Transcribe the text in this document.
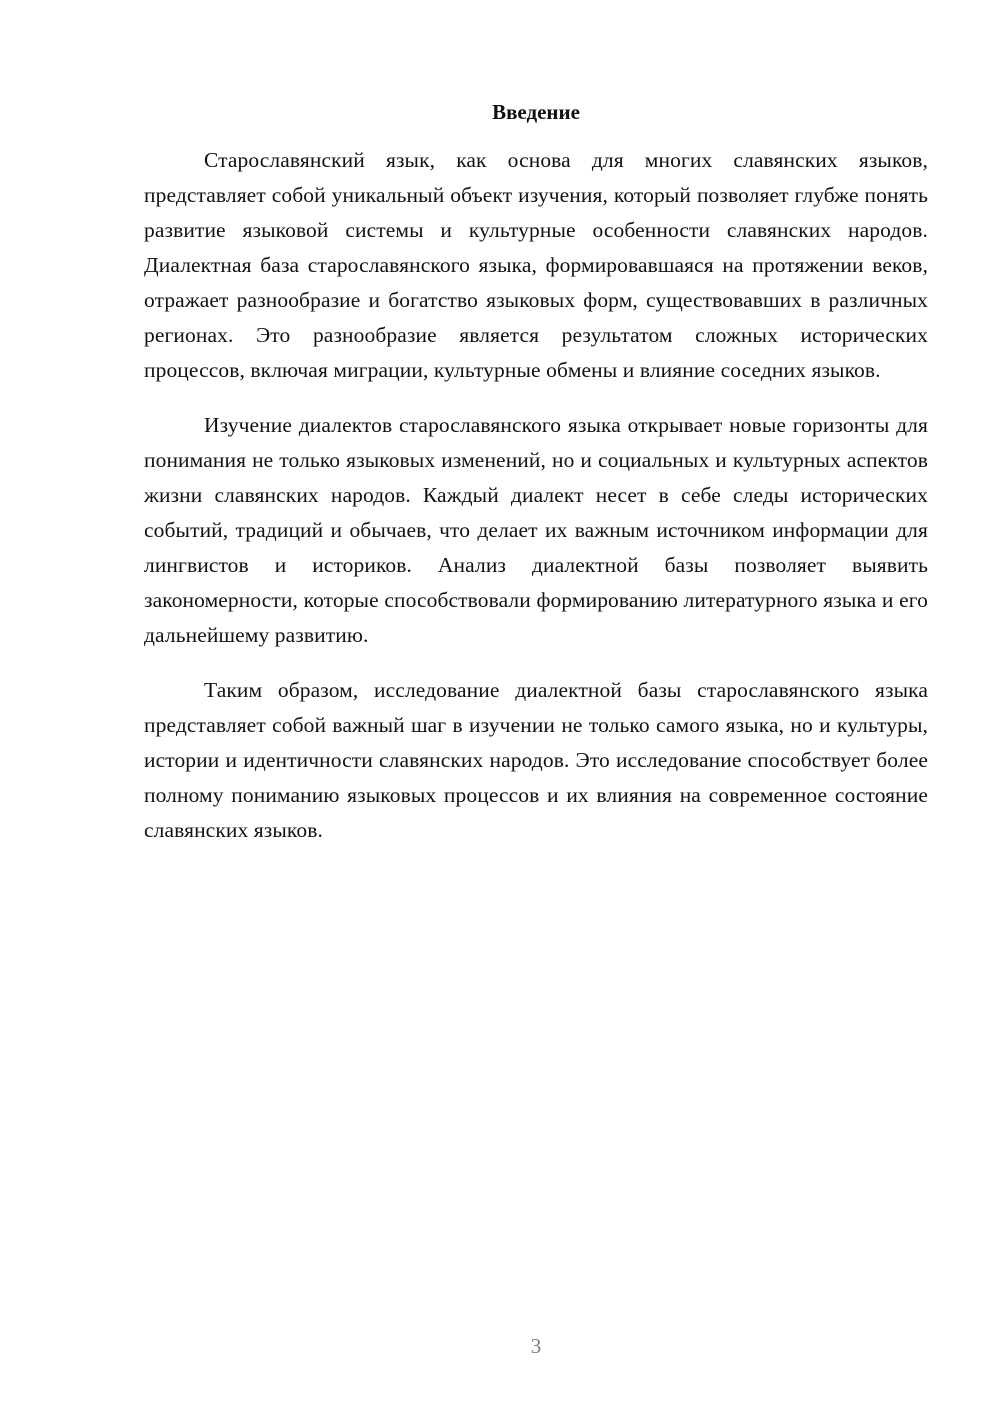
Введение

Старославянский язык, как основа для многих славянских языков, представляет собой уникальный объект изучения, который позволяет глубже понять развитие языковой системы и культурные особенности славянских народов. Диалектная база старославянского языка, формировавшаяся на протяжении веков, отражает разнообразие и богатство языковых форм, существовавших в различных регионах. Это разнообразие является результатом сложных исторических процессов, включая миграции, культурные обмены и влияние соседних языков.

Изучение диалектов старославянского языка открывает новые горизонты для понимания не только языковых изменений, но и социальных и культурных аспектов жизни славянских народов. Каждый диалект несет в себе следы исторических событий, традиций и обычаев, что делает их важным источником информации для лингвистов и историков. Анализ диалектной базы позволяет выявить закономерности, которые способствовали формированию литературного языка и его дальнейшему развитию.

Таким образом, исследование диалектной базы старославянского языка представляет собой важный шаг в изучении не только самого языка, но и культуры, истории и идентичности славянских народов. Это исследование способствует более полному пониманию языковых процессов и их влияния на современное состояние славянских языков.

3
